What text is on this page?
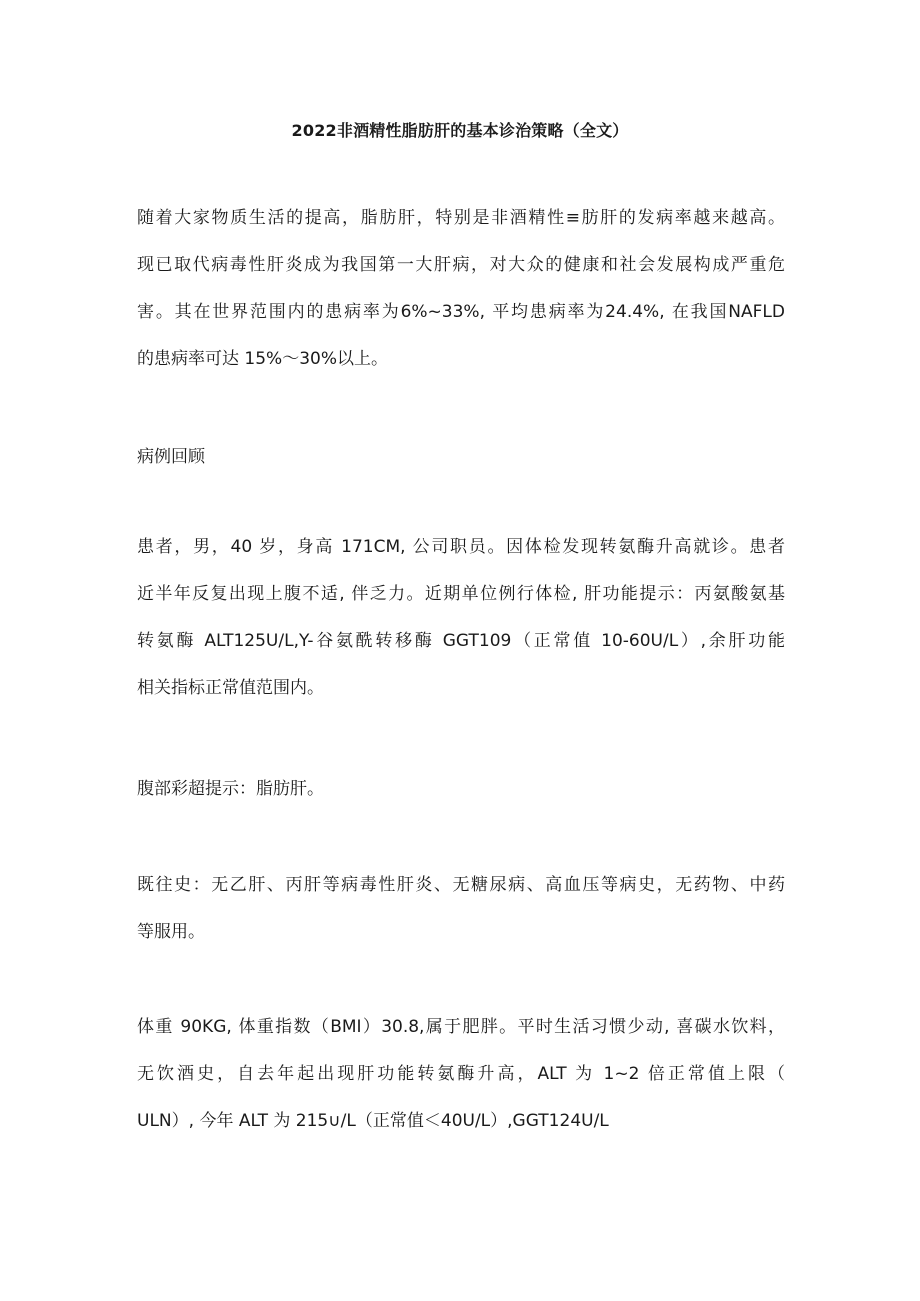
2022非酒精性脂肪肝的基本诊治策略（全文）
随着大家物质生活的提高，脂肪肝，特别是非酒精性≡肪肝的发病率越来越高。
现已取代病毒性肝炎成为我国第一大肝病，对大众的健康和社会发展构成严重危
害。其在世界范围内的患病率为6%~33%, 平均患病率为24.4%, 在我国NAFLD
的患病率可达 15%～30%以上。
病例回顾
患者，男，40 岁，身高 171CM, 公司职员。因体检发现转氨酶升高就诊。患者
近半年反复出现上腹不适, 伴乏力。近期单位例行体检, 肝功能提示：丙氨酸氨基
转氨酶 ALT125U/L,Y-谷氨酰转移酶 GGT109（正常值 10-60U/L）,余肝功能
相关指标正常值范围内。
腹部彩超提示：脂肪肝。
既往史：无乙肝、丙肝等病毒性肝炎、无糖尿病、高血压等病史，无药物、中药
等服用。
体重 90KG, 体重指数（BMI）30.8,属于肥胖。平时生活习惯少动, 喜碳水饮料，
无饮酒史，自去年起出现肝功能转氨酶升高，ALT 为 1~2 倍正常值上限（
ULN）, 今年 ALT 为 215∪/L（正常值＜40U/L）,GGT124U/L
